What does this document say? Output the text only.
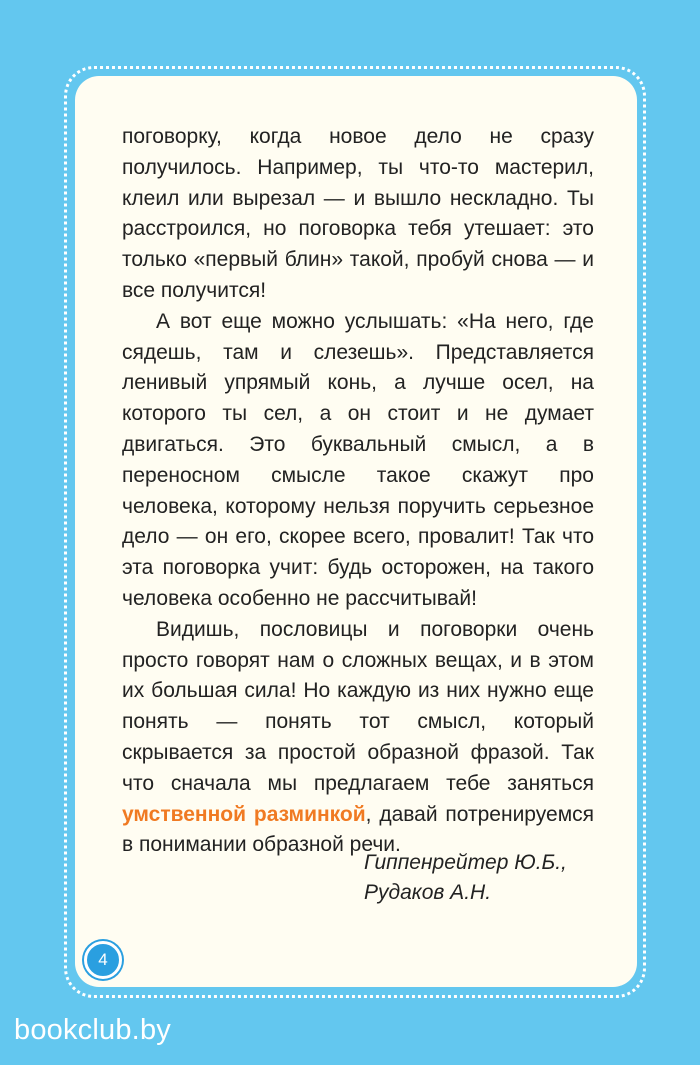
поговорку, когда новое дело не сразу получилось. Например, ты что-то мастерил, клеил или вырезал — и вышло нескладно. Ты расстроился, но поговорка тебя утешает: это только «первый блин» такой, пробуй снова — и все получится!

А вот еще можно услышать: «На него, где сядешь, там и слезешь». Представляется ленивый упрямый конь, а лучше осел, на которого ты сел, а он стоит и не думает двигаться. Это буквальный смысл, а в переносном смысле такое скажут про человека, которому нельзя поручить серьезное дело — он его, скорее всего, провалит! Так что эта поговорка учит: будь осторожен, на такого человека особенно не рассчитывай!

Видишь, пословицы и поговорки очень просто говорят нам о сложных вещах, и в этом их большая сила! Но каждую из них нужно еще понять — понять тот смысл, который скрывается за простой образной фразой. Так что сначала мы предлагаем тебе заняться умственной разминкой, давай потренируемся в понимании образной речи.

Гиппенрейтер Ю.Б.,
Рудаков А.Н.
4
bookclub.by
